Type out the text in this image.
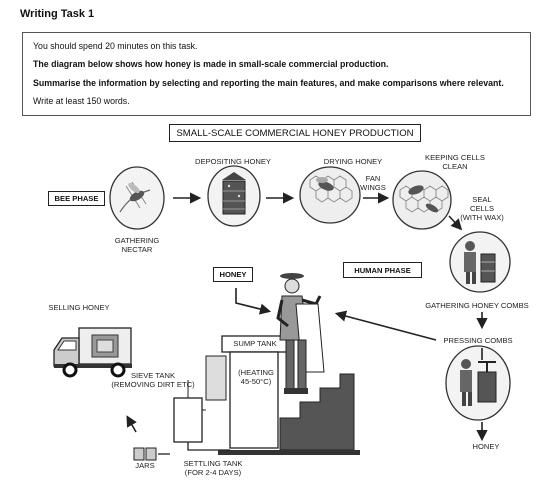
Writing Task 1
You should spend 20 minutes on this task.
The diagram below shows how honey is made in small-scale commercial production.
Summarise the information by selecting and reporting the main features, and make comparisons where relevant.
Write at least 150 words.
SMALL-SCALE COMMERCIAL HONEY PRODUCTION
BEE PHASE
HUMAN PHASE
HONEY
GATHERING
NECTAR
DEPOSITING HONEY	DRYING HONEY
FAN
WINGS
KEEPING CELLS
CLEAN
SEAL
CELLS
(WITH WAX)
GATHERING HONEY COMBS
PRESSING COMBS
HONEY
SELLING HONEY
SUMP TANK
(HEATING
45-50°C)
SIEVE TANK
(REMOVING DIRT ETC)
JARS	SETTLING TANK
(FOR 2-4 DAYS)
